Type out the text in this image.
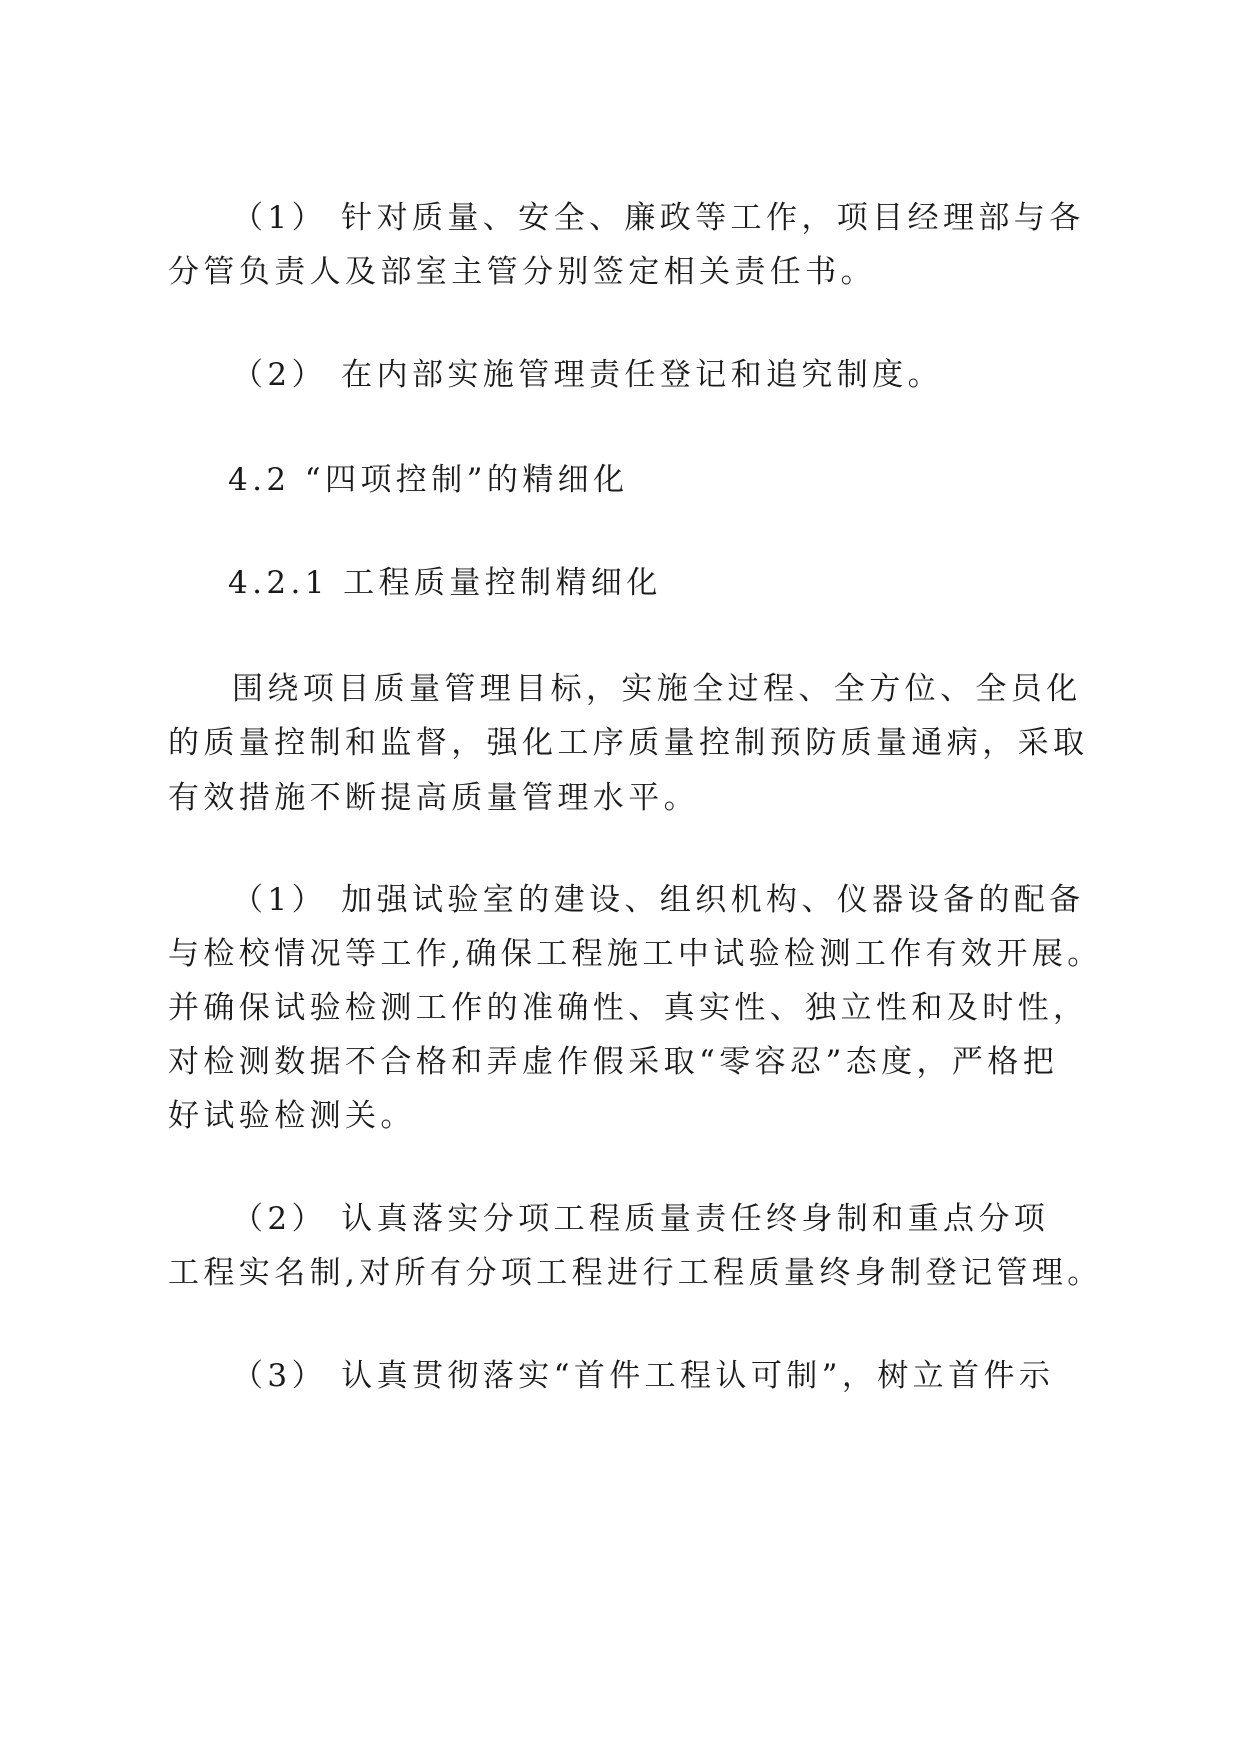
（1） 针对质量、安全、廉政等工作，项目经理部与各
分管负责人及部室主管分别签定相关责任书。
（2） 在内部实施管理责任登记和追究制度。
4.2 “四项控制”的精细化
4.2.1 工程质量控制精细化
围绕项目质量管理目标，实施全过程、全方位、全员化
的质量控制和监督，强化工序质量控制预防质量通病，采取
有效措施不断提高质量管理水平。
（1） 加强试验室的建设、组织机构、仪器设备的配备
与检校情况等工作,确保工程施工中试验检测工作有效开展。
并确保试验检测工作的准确性、真实性、独立性和及时性，
对检测数据不合格和弄虚作假采取“零容忍”态度，严格把
好试验检测关。
（2） 认真落实分项工程质量责任终身制和重点分项
工程实名制,对所有分项工程进行工程质量终身制登记管理。
（3） 认真贯彻落实“首件工程认可制”，树立首件示
